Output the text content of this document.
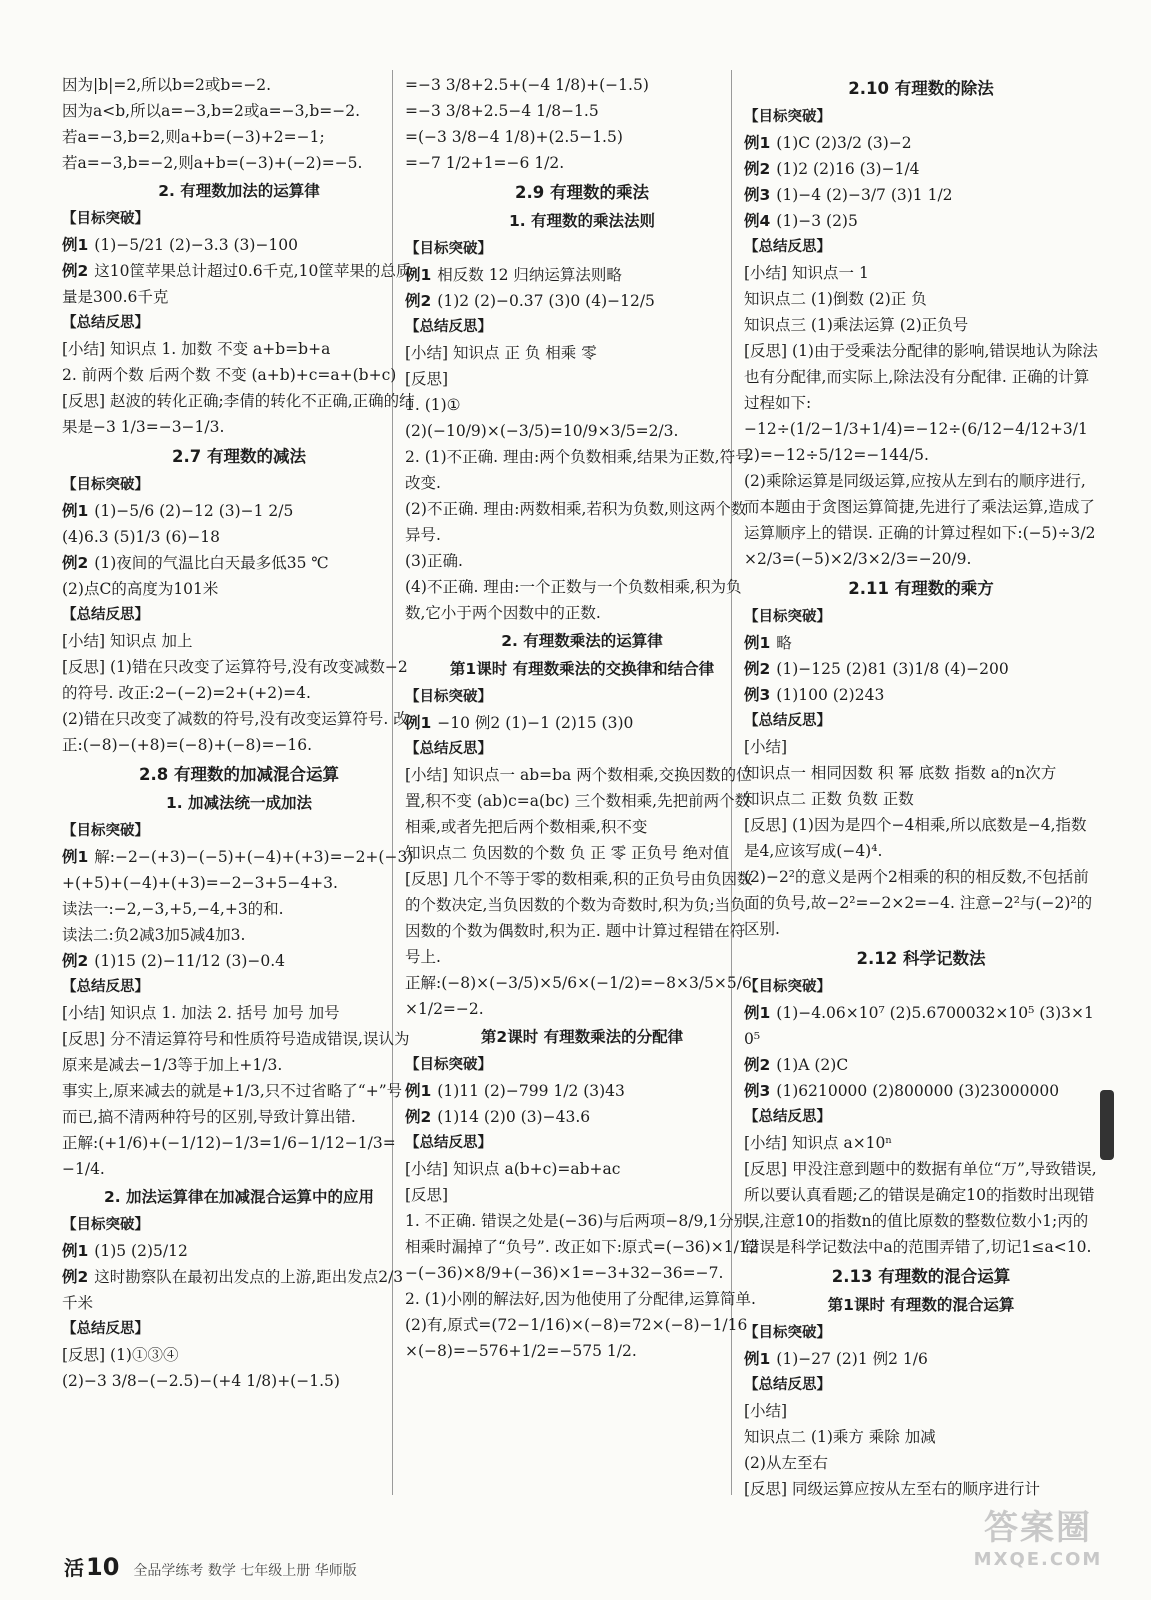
因为|b|=2,所以b=2或b=−2.
因为a<b,所以a=−3,b=2或a=−3,b=−2.
若a=−3,b=2,则a+b=(−3)+2=−1;
若a=−3,b=−2,则a+b=(−3)+(−2)=−5.
2. 有理数加法的运算律
【目标突破】
例1 (1)−5/21 (2)−3.3 (3)−100
例2 这10筐苹果总计超过0.6千克,10筐苹果的总质量是300.6千克
【总结反思】
[小结] 知识点 1. 加数 不变 a+b=b+a
2. 前两个数 后两个数 不变 (a+b)+c=a+(b+c)
[反思] 赵波的转化正确;李倩的转化不正确,正确的结果是−3 1/3=−3−1/3.
2.7 有理数的减法
【目标突破】
例1 (1)−5/6 (2)−12 (3)−1 2/5
(4)6.3 (5)1/3 (6)−18
例2 (1)夜间的气温比白天最多低35 ℃
(2)点C的高度为101米
【总结反思】
[小结] 知识点 加上
[反思] (1)错在只改变了运算符号,没有改变减数−2的符号. 改正:2−(−2)=2+(+2)=4.
(2)错在只改变了减数的符号,没有改变运算符号. 改正:(−8)−(+8)=(−8)+(−8)=−16.
2.8 有理数的加减混合运算
1. 加减法统一成加法
【目标突破】
例1 解:−2−(+3)−(−5)+(−4)+(+3)=−2+(−3)+(+5)+(−4)+(+3)=−2−3+5−4+3.
读法一:−2,−3,+5,−4,+3的和.
读法二:负2减3加5减4加3.
例2 (1)15 (2)−11/12 (3)−0.4
【总结反思】
[小结] 知识点 1. 加法 2. 括号 加号 加号
[反思] 分不清运算符号和性质符号造成错误,误认为原来是减去−1/3等于加上+1/3.
事实上,原来减去的就是+1/3,只不过省略了“+”号而已,搞不清两种符号的区别,导致计算出错.
正解:(+1/6)+(−1/12)−1/3=1/6−1/12−1/3=−1/4.
2. 加法运算律在加减混合运算中的应用
【目标突破】
例1 (1)5 (2)5/12
例2 这时勘察队在最初出发点的上游,距出发点2/3千米
【总结反思】
[反思] (1)①③④
(2)−3 3/8−(−2.5)−(+4 1/8)+(−1.5)
=−3 3/8+2.5+(−4 1/8)+(−1.5)
=−3 3/8+2.5−4 1/8−1.5
=(−3 3/8−4 1/8)+(2.5−1.5)
=−7 1/2+1=−6 1/2.
2.9 有理数的乘法
1. 有理数的乘法法则
【目标突破】
例1 相反数 12 归纳运算法则略
例2 (1)2 (2)−0.37 (3)0 (4)−12/5
【总结反思】
[小结] 知识点 正 负 相乘 零
[反思]
1. (1)①
(2)(−10/9)×(−3/5)=10/9×3/5=2/3.
2. (1)不正确. 理由:两个负数相乘,结果为正数,符号改变.
(2)不正确. 理由:两数相乘,若积为负数,则这两个数异号.
(3)正确.
(4)不正确. 理由:一个正数与一个负数相乘,积为负数,它小于两个因数中的正数.
2. 有理数乘法的运算律
第1课时 有理数乘法的交换律和结合律
【目标突破】
例1 −10 例2 (1)−1 (2)15 (3)0
【总结反思】
[小结] 知识点一 ab=ba 两个数相乘,交换因数的位置,积不变 (ab)c=a(bc) 三个数相乘,先把前两个数相乘,或者先把后两个数相乘,积不变
知识点二 负因数的个数 负 正 零 正负号 绝对值
[反思] 几个不等于零的数相乘,积的正负号由负因数的个数决定,当负因数的个数为奇数时,积为负;当负因数的个数为偶数时,积为正. 题中计算过程错在符号上.
正解:(−8)×(−3/5)×5/6×(−1/2)=−8×3/5×5/6×1/2=−2.
第2课时 有理数乘法的分配律
【目标突破】
例1 (1)11 (2)−799 1/2 (3)43
例2 (1)14 (2)0 (3)−43.6
【总结反思】
[小结] 知识点 a(b+c)=ab+ac
[反思]
1. 不正确. 错误之处是(−36)与后两项−8/9,1分别相乘时漏掉了“负号”. 改正如下:原式=(−36)×1/12−(−36)×8/9+(−36)×1=−3+32−36=−7.
2. (1)小刚的解法好,因为他使用了分配律,运算简单.
(2)有,原式=(72−1/16)×(−8)=72×(−8)−1/16×(−8)=−576+1/2=−575 1/2.
2.10 有理数的除法
【目标突破】
例1 (1)C (2)3/2 (3)−2
例2 (1)2 (2)16 (3)−1/4
例3 (1)−4 (2)−3/7 (3)1 1/2
例4 (1)−3 (2)5
【总结反思】
[小结] 知识点一 1
知识点二 (1)倒数 (2)正 负
知识点三 (1)乘法运算 (2)正负号
[反思] (1)由于受乘法分配律的影响,错误地认为除法也有分配律,而实际上,除法没有分配律. 正确的计算过程如下:
−12÷(1/2−1/3+1/4)=−12÷(6/12−4/12+3/12)=−12÷5/12=−144/5.
(2)乘除运算是同级运算,应按从左到右的顺序进行,而本题由于贪图运算简捷,先进行了乘法运算,造成了运算顺序上的错误. 正确的计算过程如下:(−5)÷3/2×2/3=(−5)×2/3×2/3=−20/9.
2.11 有理数的乘方
【目标突破】
例1 略
例2 (1)−125 (2)81 (3)1/8 (4)−200
例3 (1)100 (2)243
【总结反思】
[小结]
知识点一 相同因数 积 幂 底数 指数 a的n次方
知识点二 正数 负数 正数
[反思] (1)因为是四个−4相乘,所以底数是−4,指数是4,应该写成(−4)⁴.
(2)−2²的意义是两个2相乘的积的相反数,不包括前面的负号,故−2²=−2×2=−4. 注意−2²与(−2)²的区别.
2.12 科学记数法
【目标突破】
例1 (1)−4.06×10⁷ (2)5.6700032×10⁵ (3)3×10⁵
例2 (1)A (2)C
例3 (1)6210000 (2)800000 (3)23000000
【总结反思】
[小结] 知识点 a×10ⁿ
[反思] 甲没注意到题中的数据有单位“万”,导致错误,所以要认真看题;乙的错误是确定10的指数时出现错误,注意10的指数n的值比原数的整数位数小1;丙的错误是科学记数法中a的范围弄错了,切记1≤a<10.
2.13 有理数的混合运算
第1课时 有理数的混合运算
【目标突破】
例1 (1)−27 (2)1 例2 1/6
【总结反思】
[小结]
知识点二 (1)乘方 乘除 加减
(2)从左至右
[反思] 同级运算应按从左至右的顺序进行计
活 10 全品学练考 数学 七年级上册 华师版
答案圈
MXQE.COM
